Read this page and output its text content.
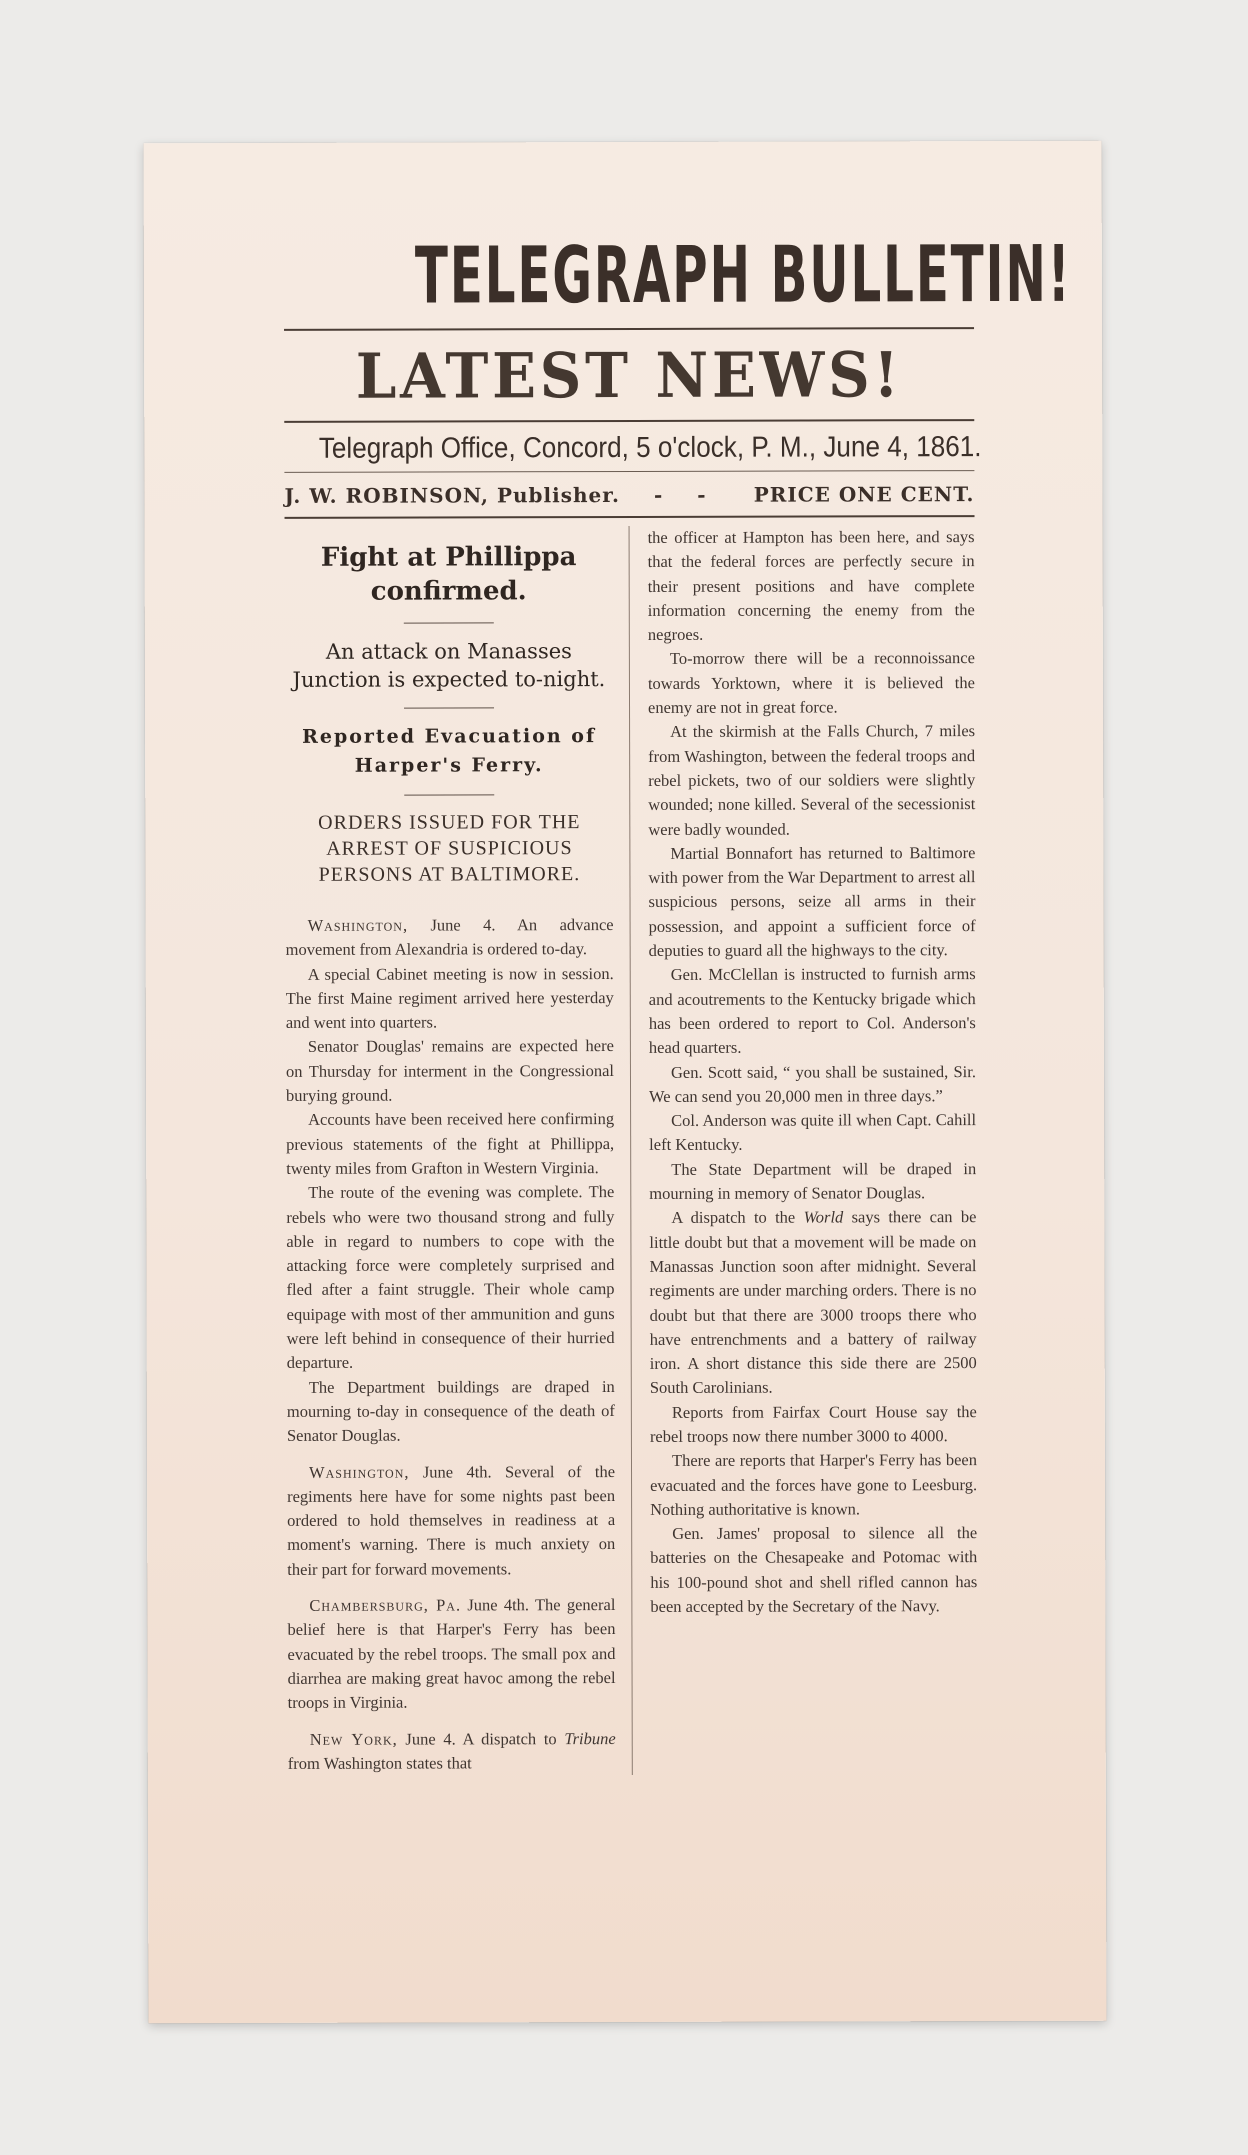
TELEGRAPH BULLETIN!
LATEST NEWS!
Telegraph Office, Concord, 5 o'clock, P. M., June 4, 1861.
J. W. ROBINSON, Publisher. - - PRICE ONE CENT.
Fight at Phillippa confirmed.
An attack on Manasses Junction is expected to-night.
Reported Evacuation of Harper's Ferry.
ORDERS ISSUED FOR THE ARREST OF SUSPICIOUS PERSONS AT BALTIMORE.

Washington, June 4. An advance movement from Alexandria is ordered to-day.

A special Cabinet meeting is now in session. The first Maine regiment arrived here yesterday and went into quarters.

Senator Douglas' remains are expected here on Thursday for interment in the Congressional burying ground.

Accounts have been received here confirming previous statements of the fight at Phillippa, twenty miles from Grafton in Western Virginia.

The route of the evening was complete. The rebels who were two thousand strong and fully able in regard to numbers to cope with the attacking force were completely surprised and fled after a faint struggle. Their whole camp equipage with most of ther ammunition and guns were left behind in consequence of their hurried departure.

The Department buildings are draped in mourning to-day in consequence of the death of Senator Douglas.

Washington, June 4th. Several of the regiments here have for some nights past been ordered to hold themselves in readiness at a moment's warning. There is much anxiety on their part for forward movements.

Chambersburg, Pa. June 4th. The general belief here is that Harper's Ferry has been evacuated by the rebel troops. The small pox and diarrhea are making great havoc among the rebel troops in Virginia.

New York, June 4. A dispatch to Tribune from Washington states that

the officer at Hampton has been here, and says that the federal forces are perfectly secure in their present positions and have complete information concerning the enemy from the negroes.

To-morrow there will be a reconnoissance towards Yorktown, where it is believed the enemy are not in great force.

At the skirmish at the Falls Church, 7 miles from Washington, between the federal troops and rebel pickets, two of our soldiers were slightly wounded; none killed. Several of the secessionist were badly wounded.

Martial Bonnafort has returned to Baltimore with power from the War Department to arrest all suspicious persons, seize all arms in their possession, and appoint a sufficient force of deputies to guard all the highways to the city.

Gen. McClellan is instructed to furnish arms and acoutrements to the Kentucky brigade which has been ordered to report to Col. Anderson's head quarters.

Gen. Scott said, “ you shall be sustained, Sir. We can send you 20,000 men in three days.”

Col. Anderson was quite ill when Capt. Cahill left Kentucky.

The State Department will be draped in mourning in memory of Senator Douglas.

A dispatch to the World says there can be little doubt but that a movement will be made on Manassas Junction soon after midnight. Several regiments are under marching orders. There is no doubt but that there are 3000 troops there who have entrenchments and a battery of railway iron. A short distance this side there are 2500 South Carolinians.

Reports from Fairfax Court House say the rebel troops now there number 3000 to 4000.

There are reports that Harper's Ferry has been evacuated and the forces have gone to Leesburg. Nothing authoritative is known.

Gen. James' proposal to silence all the batteries on the Chesapeake and Potomac with his 100-pound shot and shell rifled cannon has been accepted by the Secretary of the Navy.
